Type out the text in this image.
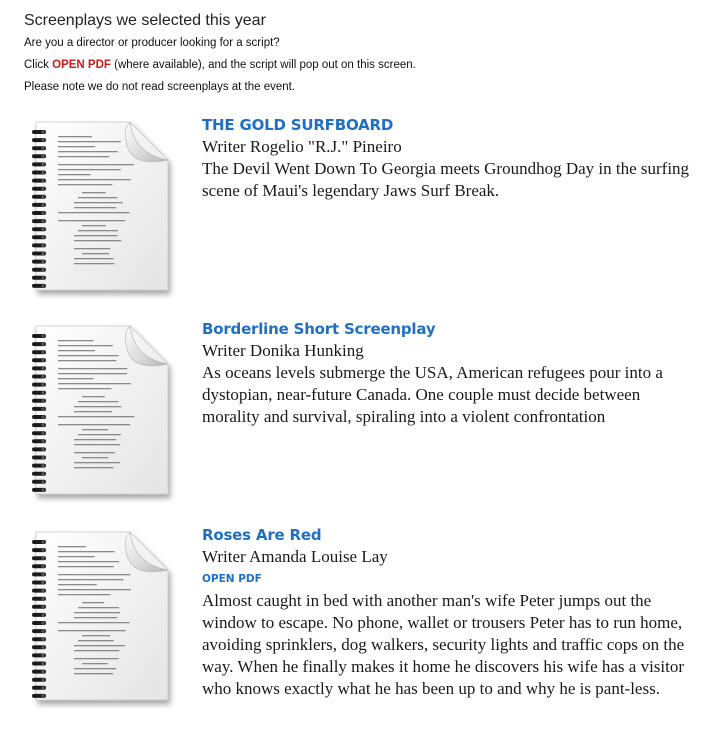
Screenplays we selected this year

Are you a director or producer looking for a script?

Click OPEN PDF (where available), and the script will pop out on this screen.

Please note we do not read screenplays at the event.

THE GOLD SURFBOARD

Writer Rogelio "R.J." Pineiro

The Devil Went Down To Georgia meets Groundhog Day in the surfing scene of Maui's legendary Jaws Surf Break.

Borderline Short Screenplay

Writer Donika Hunking

As oceans levels submerge the USA, American refugees pour into a dystopian, near-future Canada. One couple must decide between morality and survival, spiraling into a violent confrontation

Roses Are Red

Writer Amanda Louise Lay

OPEN PDF

Almost caught in bed with another man's wife Peter jumps out the window to escape. No phone, wallet or trousers Peter has to run home, avoiding sprinklers, dog walkers, security lights and traffic cops on the way. When he finally makes it home he discovers his wife has a visitor who knows exactly what he has been up to and why he is pant-less.
